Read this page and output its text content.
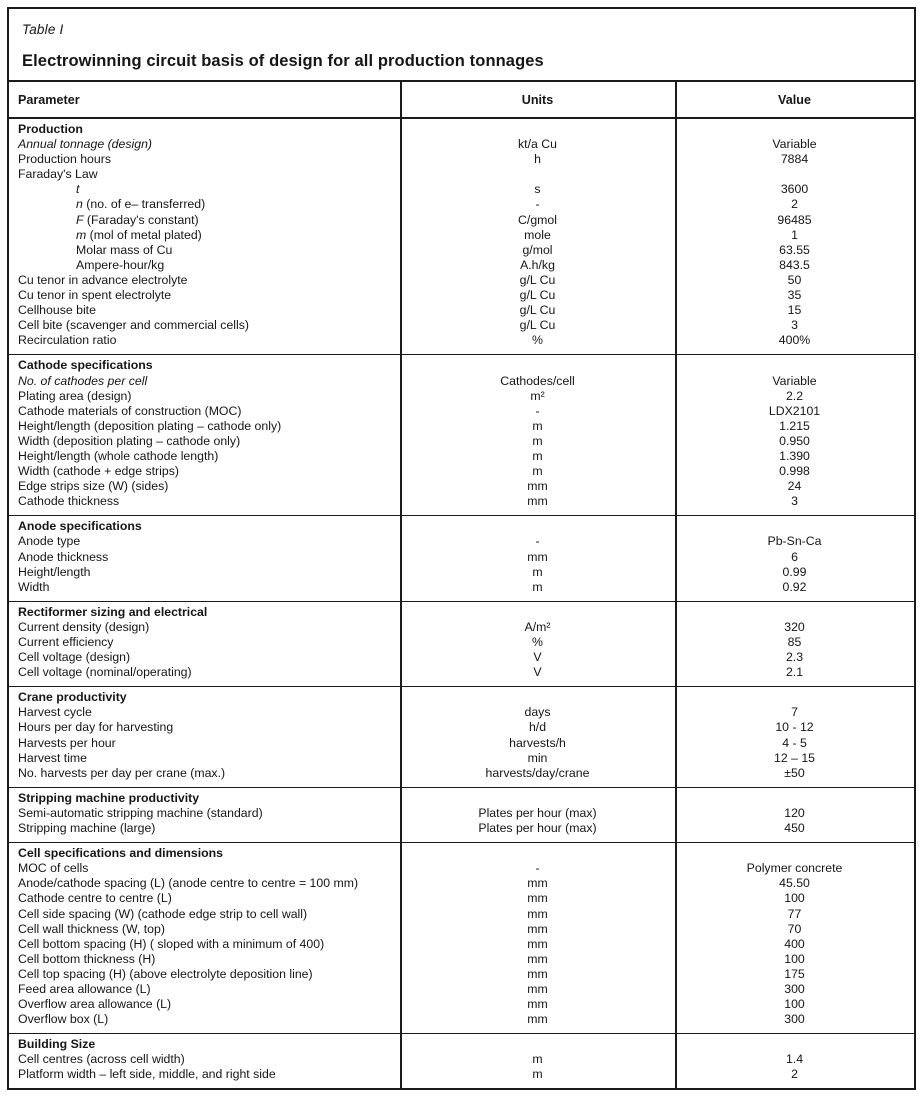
Table I
Electrowinning circuit basis of design for all production tonnages
Parameter	Units	Value
Production
Annual tonnage (design)	kt/a Cu	Variable
Production hours	h	7884
Faraday's Law
t	s	3600
n (no. of e– transferred)	-	2
F (Faraday's constant)	C/gmol	96485
m (mol of metal plated)	mole	1
Molar mass of Cu	g/mol	63.55
Ampere-hour/kg	A.h/kg	843.5
Cu tenor in advance electrolyte	g/L Cu	50
Cu tenor in spent electrolyte	g/L Cu	35
Cellhouse bite	g/L Cu	15
Cell bite (scavenger and commercial cells)	g/L Cu	3
Recirculation ratio	%	400%
Cathode specifications
No. of cathodes per cell	Cathodes/cell	Variable
Plating area (design)	m²	2.2
Cathode materials of construction (MOC)	-	LDX2101
Height/length (deposition plating – cathode only)	m	1.215
Width (deposition plating – cathode only)	m	0.950
Height/length (whole cathode length)	m	1.390
Width (cathode + edge strips)	m	0.998
Edge strips size (W) (sides)	mm	24
Cathode thickness	mm	3
Anode specifications
Anode type	-	Pb-Sn-Ca
Anode thickness	mm	6
Height/length	m	0.99
Width	m	0.92
Rectiformer sizing and electrical
Current density (design)	A/m²	320
Current efficiency	%	85
Cell voltage (design)	V	2.3
Cell voltage (nominal/operating)	V	2.1
Crane productivity
Harvest cycle	days	7
Hours per day for harvesting	h/d	10 - 12
Harvests per hour	harvests/h	4 - 5
Harvest time	min	12 – 15
No. harvests per day per crane (max.)	harvests/day/crane	±50
Stripping machine productivity
Semi-automatic stripping machine (standard)	Plates per hour (max)	120
Stripping machine (large)	Plates per hour (max)	450
Cell specifications and dimensions
MOC of cells	-	Polymer concrete
Anode/cathode spacing (L) (anode centre to centre = 100 mm)	mm	45.50
Cathode centre to centre (L)	mm	100
Cell side spacing (W) (cathode edge strip to cell wall)	mm	77
Cell wall thickness (W, top)	mm	70
Cell bottom spacing (H) ( sloped with a minimum of 400)	mm	400
Cell bottom thickness (H)	mm	100
Cell top spacing (H) (above electrolyte deposition line)	mm	175
Feed area allowance (L)	mm	300
Overflow area allowance (L)	mm	100
Overflow box (L)	mm	300
Building Size
Cell centres (across cell width)	m	1.4
Platform width – left side, middle, and right side	m	2
